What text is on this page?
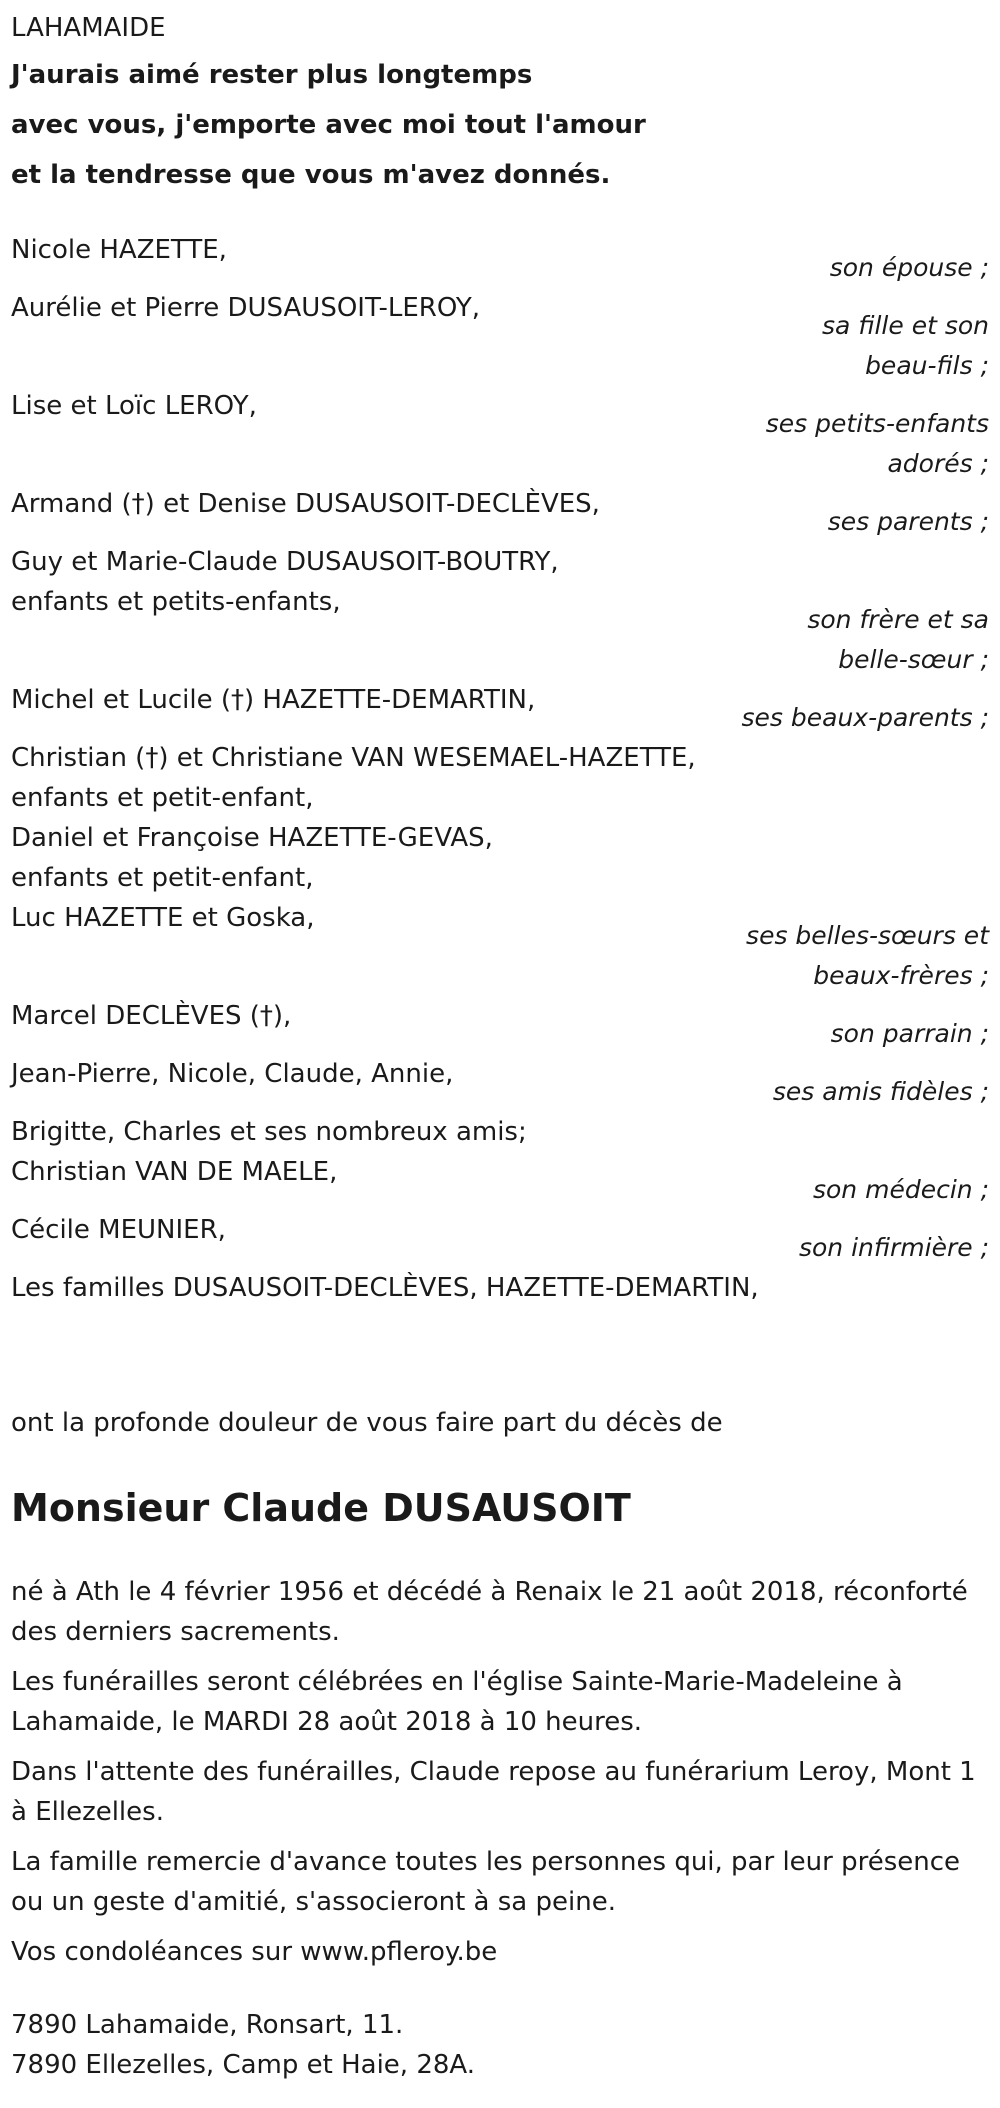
LAHAMAIDE
J'aurais aimé rester plus longtemps
avec vous, j'emporte avec moi tout l'amour
et la tendresse que vous m'avez donnés.
Nicole HAZETTE,
son épouse ;
Aurélie et Pierre DUSAUSOIT-LEROY,
sa fille et son
beau-fils ;
Lise et Loïc LEROY,
ses petits-enfants
adorés ;
Armand (†) et Denise DUSAUSOIT-DECLÈVES,
ses parents ;
Guy et Marie-Claude DUSAUSOIT-BOUTRY,
enfants et petits-enfants,
son frère et sa
belle-sœur ;
Michel et Lucile (†) HAZETTE-DEMARTIN,
ses beaux-parents ;
Christian (†) et Christiane VAN WESEMAEL-HAZETTE,
enfants et petit-enfant,
Daniel et Françoise HAZETTE-GEVAS,
enfants et petit-enfant,
Luc HAZETTE et Goska,
ses belles-sœurs et
beaux-frères ;
Marcel DECLÈVES (†),
son parrain ;
Jean-Pierre, Nicole, Claude, Annie,
ses amis fidèles ;
Brigitte, Charles et ses nombreux amis;
Christian VAN DE MAELE,
son médecin ;
Cécile MEUNIER,
son infirmière ;
Les familles DUSAUSOIT-DECLÈVES, HAZETTE-DEMARTIN,
ont la profonde douleur de vous faire part du décès de
Monsieur Claude DUSAUSOIT

né à Ath le 4 février 1956 et décédé à Renaix le 21 août 2018, réconforté des derniers sacrements.

Les funérailles seront célébrées en l'église Sainte-Marie-Madeleine à Lahamaide, le MARDI 28 août 2018 à 10 heures.

Dans l'attente des funérailles, Claude repose au funérarium Leroy, Mont 1 à Ellezelles.

La famille remercie d'avance toutes les personnes qui, par leur présence ou un geste d'amitié, s'associeront à sa peine.

Vos condoléances sur www.pfleroy.be

7890 Lahamaide, Ronsart, 11.
7890 Ellezelles, Camp et Haie, 28A.
